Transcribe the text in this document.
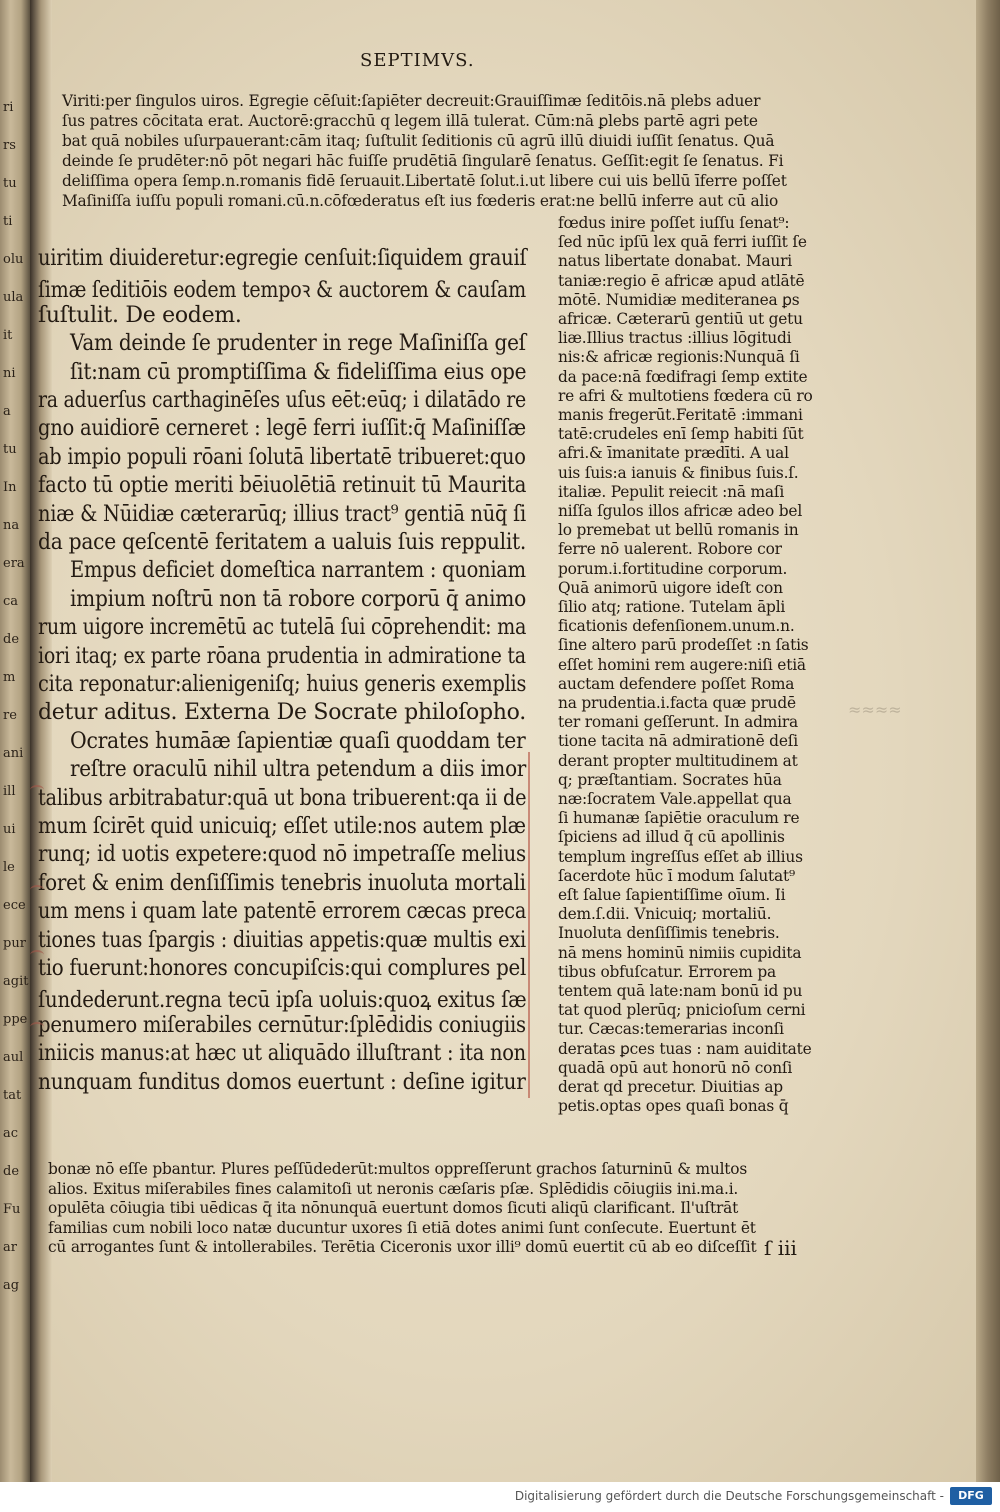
SEPTIMVS.
Viriti:per ſingulos uiros. Egregie cēſuit:ſapiēter decreuit:Grauiſſimæ ſeditōis.nā plebs aduer
ſus patres cōcitata erat. Auctorē:gracchū q legem illā tulerat. Cūm:nā ꝑlebs partē agri pete
bat quā nobiles uſurpauerant:cām itaq; ſuſtulit ſeditionis cū agrū illū diuidi iuſſit ſenatus. Quā
deinde ſe prudēter:nō pōt negari hāc fuiſſe prudētiā ſingularē ſenatus. Geſſit:egit ſe ſenatus. Fi
deliſſima opera ſemp.n.romanis fidē ſeruauit.Libertatē ſolut.i.ut libere cui uis bellū īferre poſſet
Maſiniſſa iuſſu populi romani.cū.n.cōfœderatus eſt ius fœderis erat:ne bellū inferre aut cū alio
uiritim diuideretur:egregie cenſuit:ſiquidem grauiſ
ſimæ ſeditiōis eodem tempoꝛ & auctorem & cauſam
ſuſtulit. De eodem.
Vam deinde ſe prudenter in rege Maſiniſſa geſ
ſit:nam cū promptiſſima & fideliſſima eius ope
ra aduerſus carthaginēſes uſus eēt:eūq; i dilatādo re
gno auidiorē cerneret : legē ferri iuſſit:q̄ Maſiniſſæ
ab impio populi rōani ſolutā libertatē tribueret:quo
facto tū optie meriti bēiuolētiā retinuit tū Maurita
niæ & Nūidiæ cæterarūq; illius tract⁹ gentiā nūq̄ ſi
da pace qeſcentē feritatem a ualuis ſuis reppulit.
Empus deficiet domeſtica narrantem : quoniam
impium noſtrū non tā robore corporū q̄ animo
rum uigore incremētū ac tutelā ſui cōprehendit: ma
iori itaq; ex parte rōana prudentia in admiratione ta
cita reponatur:alienigeniſq; huius generis exemplis
detur aditus. Externa De Socrate philoſopho.
Ocrates humāæ ſapientiæ quaſi quoddam ter
reſtre oraculū nihil ultra petendum a diis imor
talibus arbitrabatur:quā ut bona tribuerent:qa ii de
mum ſcirēt quid unicuiq; eſſet utile:nos autem plæ
runq; id uotis expetere:quod nō impetraſſe melius
foret & enim denſiſſimis tenebris inuoluta mortali
um mens i quam late patentē errorem cæcas preca
tiones tuas ſpargis : diuitias appetis:quæ multis exi
tio fuerunt:honores concupiſcis:qui complures pel
ſundederunt.regna tecū ipſa uoluis:quoꝝ exitus ſæ
penumero miſerabiles cernūtur:ſplēdidis coniugiis
iniicis manus:at hæc ut aliquādo illuſtrant : ita non
nunquam funditus domos euertunt : deſine igitur
fœdus inire poſſet iuſſu ſenat⁹:
ſed nūc ipſū lex quā ferri iuſſit ſe
natus libertate donabat. Mauri
taniæ:regio ē africæ apud atlātē
mōtē. Numidiæ mediteranea ꝑs
africæ. Cæterarū gentiū ut getu
liæ.Illius tractus :illius lōgitudi
nis:& africæ regionis:Nunquā ſi
da pace:nā fœdifragi ſemp extite
re afri & multotiens fœdera cū ro
manis fregerūt.Feritatē :immani
tatē:crudeles enī ſemp habiti ſūt
afri.& īmanitate prædīti. A ual
uis ſuis:a ianuis & finibus ſuis.ſ.
italiæ. Pepulit reiecit :nā maſi
niſſa ſgulos illos africæ adeo bel
lo premebat ut bellū romanis in
ferre nō ualerent. Robore cor
porum.i.fortitudine corporum.
Quā animorū uigore ideſt con
ſilio atq; ratione. Tutelam āpli
ficationis defenſionem.unum.n.
ſine altero parū prodeſſet :n ſatis
eſſet homini rem augere:niſi etiā
auctam defendere poſſet Roma
na prudentia.i.facta quæ prudē
ter romani geſſerunt. In admira
tione tacita nā admirationē deſi
derant propter multitudinem at
q; præſtantiam. Socrates hūa
næ:ſocratem Vale.appellat qua
ſi humanæ ſapiētie oraculum re
ſpiciens ad illud q̄ cū apollinis
templum ingreſſus eſſet ab illius
ſacerdote hūc ī modum ſalutat⁹
eſt ſalue ſapientiſſime oīum. Ii
dem.ſ.dii. Vnicuiq; mortaliū.
Inuoluta denſiſſimis tenebris.
nā mens hominū nimiis cupidita
tibus obfuſcatur. Errorem pa
tentem quā late:nam bonū id pu
tat quod plerūq; pnicioſum cerni
tur. Cæcas:temerarias inconſi
deratas ꝑces tuas : nam auiditate
quadā opū aut honorū nō conſi
derat qd precetur. Diuitias ap
petis.optas opes quaſi bonas q̄
bonæ nō eſſe pbantur. Plures peſſūdederūt:multos oppreſſerunt grachos ſaturninū & multos
alios. Exitus miſerabiles fines calamitoſi ut neronis cæſaris pſæ. Splēdidis cōiugiis ini.ma.i.
opulēta cōiugia tibi uēdicas q̄ ita nōnunquā euertunt domos ſicuti aliqū clarificant. Il'uſtrāt
familias cum nobili loco natæ ducuntur uxores ſi etiā dotes animi ſunt conſecute. Euertunt ēt
cū arrogantes ſunt & intollerabiles. Terētia Ciceronis uxor illi⁹ domū euertit cū ab eo diſceſſit
ri
rs
tu
ti
olu
ula
it
ni
a
tu
In
na
era
ca
de
m
re
ani
ill
ui
le
ece
pur
agit
ppe
aul
tat
ac
de
Fu
ar
ag
≈≈≈≈
ſ iii
Digitalisierung gefördert durch die Deutsche Forschungsgemeinschaft -	DFG
